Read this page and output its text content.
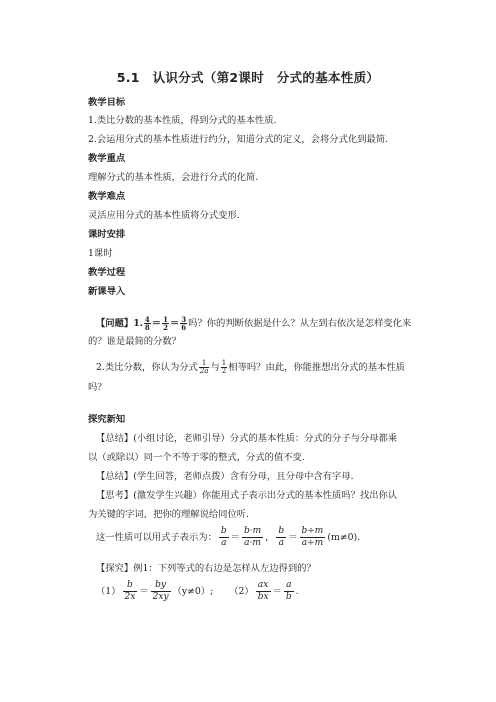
5.1　认识分式（第2课时　分式的基本性质）
教学目标
1.类比分数的基本性质，得到分式的基本性质.
2.会运用分式的基本性质进行约分，知道分式的定义，会将分式化到最简.
教学重点
理解分式的基本性质，会进行分式的化简.
教学难点
灵活应用分式的基本性质将分式变形.
课时安排
1课时
教学过程
新课导入
【问题】1. $\frac{4}{8} = \frac{1}{2} = \frac{3}{6}$ 吗？你的判断依据是什么？从左到右依次是怎样变化来
的？谁是最简的分数？
2.类比分数，你认为分式 $\frac{1}{2a}$ 与 $\frac{1}{2}$ 相等吗？由此，你能推想出分式的基本性质
吗？
探究新知
【总结】(小组讨论，老师引导）分式的基本性质：分式的分子与分母都乘
以（或除以）同一个不等于零的整式，分式的值不变.
【总结】(学生回答，老师点拨）含有分母，且分母中含有字母.
【思考】(激发学生兴趣）你能用式子表示出分式的基本性质吗？找出你认
为关键的字词，把你的理解说给同位听.
这一性质可以用式子表示为： $\frac{b}{a} = \frac{b\cdot m}{a\cdot m}$ ， $\frac{b}{a} = \frac{b\div m}{a\div m} (m\ne 0)$.
【探究】例1：下列等式的右边是怎样从左边得到的？
$(1) \frac{b}{2x} = \frac{by}{2xy} (y\ne 0)$; $(2) \frac{ax}{bx} = \frac{a}{b}$ .
